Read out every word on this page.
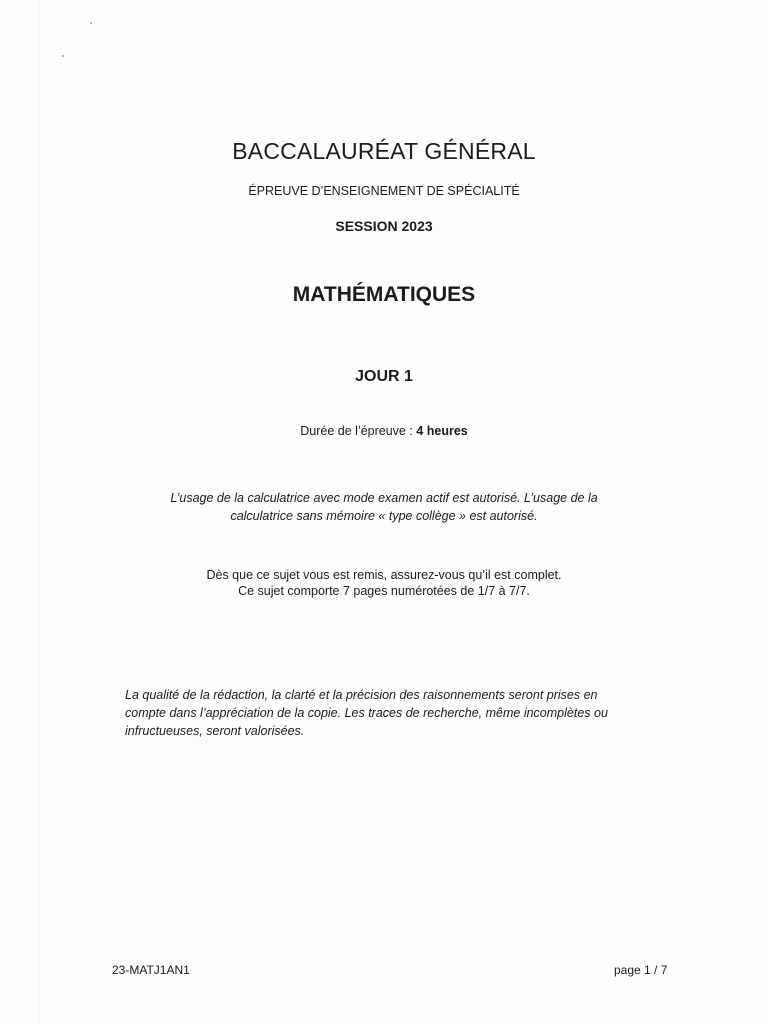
BACCALAURÉAT GÉNÉRAL
ÉPREUVE D’ENSEIGNEMENT DE SPÉCIALITÉ
SESSION 2023
MATHÉMATIQUES
JOUR 1
Durée de l’épreuve : 4 heures
L’usage de la calculatrice avec mode examen actif est autorisé. L’usage de la
calculatrice sans mémoire « type collège » est autorisé.
Dès que ce sujet vous est remis, assurez-vous qu’il est complet.
Ce sujet comporte 7 pages numérotées de 1/7 à 7/7.
La qualité de la rédaction, la clarté et la précision des raisonnements seront prises en
compte dans l’appréciation de la copie. Les traces de recherche, même incomplètes ou
infructueuses, seront valorisées.
23-MATJ1AN1	page 1 / 7
